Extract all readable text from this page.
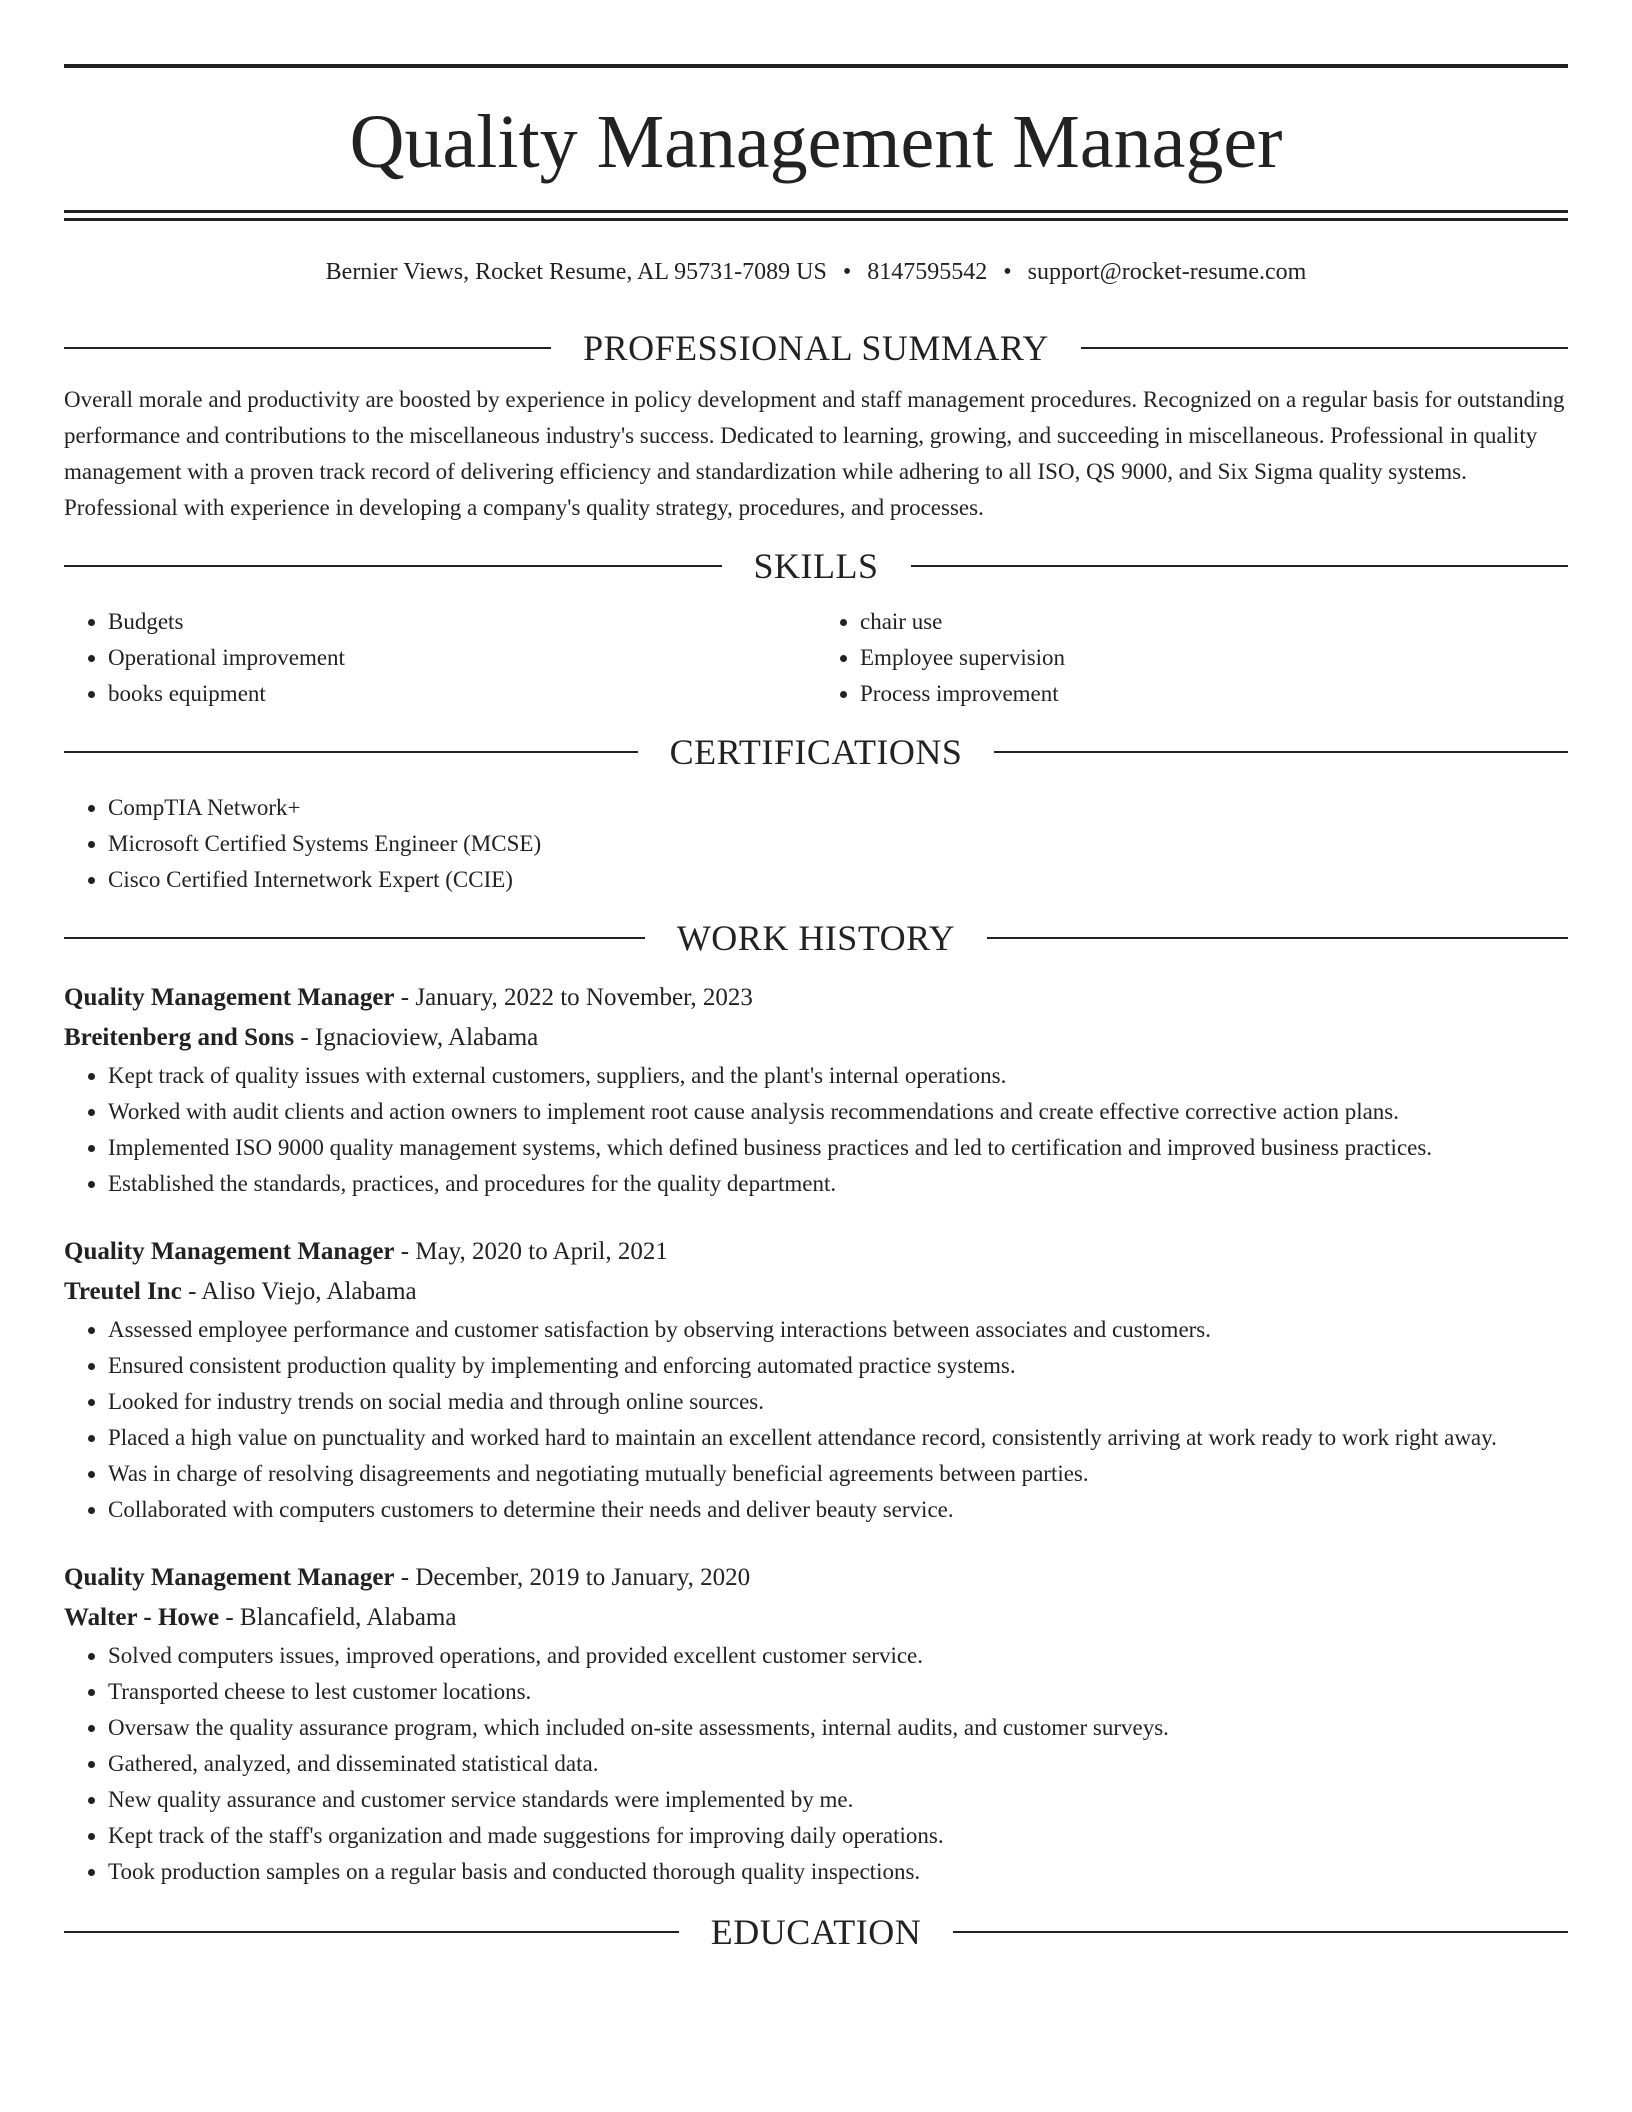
Quality Management Manager
Bernier Views, Rocket Resume, AL 95731-7089 US • 8147595542 • support@rocket-resume.com
PROFESSIONAL SUMMARY

Overall morale and productivity are boosted by experience in policy development and staff management procedures. Recognized on a regular basis for outstanding performance and contributions to the miscellaneous industry's success. Dedicated to learning, growing, and succeeding in miscellaneous. Professional in quality management with a proven track record of delivering efficiency and standardization while adhering to all ISO, QS 9000, and Six Sigma quality systems. Professional with experience in developing a company's quality strategy, procedures, and processes.

SKILLS
• Budgets
• Operational improvement
• books equipment
• chair use
• Employee supervision
• Process improvement
CERTIFICATIONS
• CompTIA Network+
• Microsoft Certified Systems Engineer (MCSE)
• Cisco Certified Internetwork Expert (CCIE)
WORK HISTORY
Quality Management Manager - January, 2022 to November, 2023
Breitenberg and Sons - Ignacioview, Alabama
• Kept track of quality issues with external customers, suppliers, and the plant's internal operations.
• Worked with audit clients and action owners to implement root cause analysis recommendations and create effective corrective action plans.
• Implemented ISO 9000 quality management systems, which defined business practices and led to certification and improved business practices.
• Established the standards, practices, and procedures for the quality department.
Quality Management Manager - May, 2020 to April, 2021
Treutel Inc - Aliso Viejo, Alabama
• Assessed employee performance and customer satisfaction by observing interactions between associates and customers.
• Ensured consistent production quality by implementing and enforcing automated practice systems.
• Looked for industry trends on social media and through online sources.
• Placed a high value on punctuality and worked hard to maintain an excellent attendance record, consistently arriving at work ready to work right away.
• Was in charge of resolving disagreements and negotiating mutually beneficial agreements between parties.
• Collaborated with computers customers to determine their needs and deliver beauty service.
Quality Management Manager - December, 2019 to January, 2020
Walter - Howe - Blancafield, Alabama
• Solved computers issues, improved operations, and provided excellent customer service.
• Transported cheese to lest customer locations.
• Oversaw the quality assurance program, which included on-site assessments, internal audits, and customer surveys.
• Gathered, analyzed, and disseminated statistical data.
• New quality assurance and customer service standards were implemented by me.
• Kept track of the staff's organization and made suggestions for improving daily operations.
• Took production samples on a regular basis and conducted thorough quality inspections.
EDUCATION
